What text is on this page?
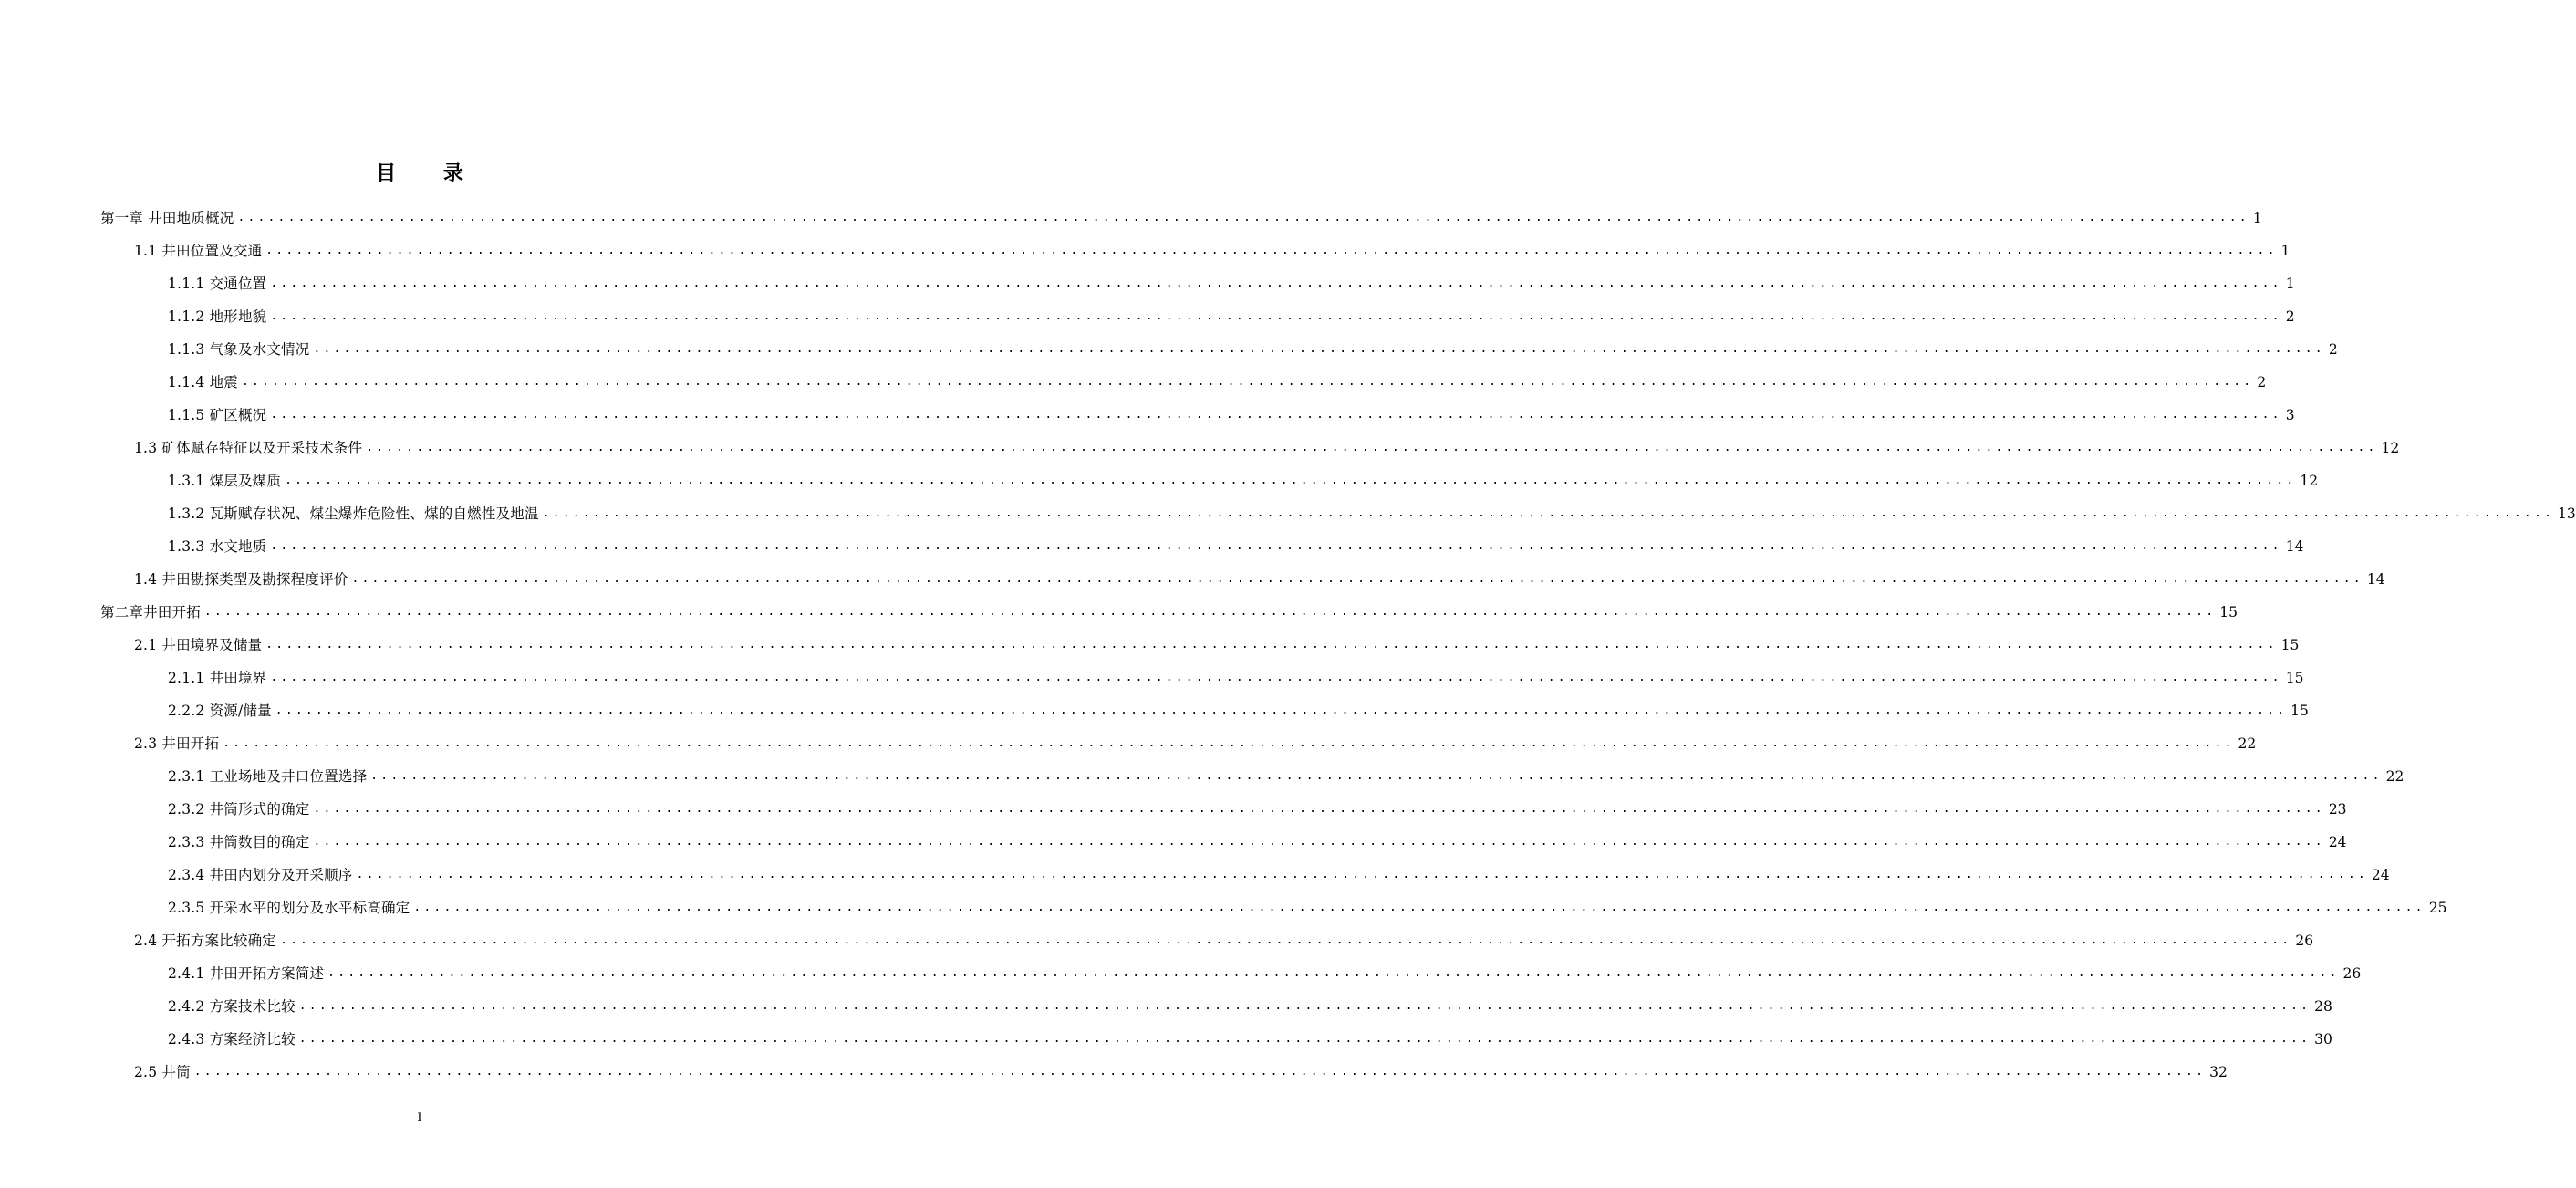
目 录
第一章 井田地质概况 ........................................................................................................................................................................................................ 1
1.1 井田位置及交通 ........................................................................................................................................................................................................ 1
1.1.1 交通位置 ........................................................................................................................................................................................................ 1
1.1.2 地形地貌 ........................................................................................................................................................................................................ 2
1.1.3 气象及水文情况 ........................................................................................................................................................................................................ 2
1.1.4 地震 ........................................................................................................................................................................................................ 2
1.1.5 矿区概况 ........................................................................................................................................................................................................ 3
1.3 矿体赋存特征以及开采技术条件 ........................................................................................................................................................................................................ 12
1.3.1 煤层及煤质 ........................................................................................................................................................................................................ 12
1.3.2 瓦斯赋存状况、煤尘爆炸危险性、煤的自燃性及地温 ........................................................................................................................................................................................................ 13
1.3.3 水文地质 ........................................................................................................................................................................................................ 14
1.4 井田勘探类型及勘探程度评价 ........................................................................................................................................................................................................ 14
第二章井田开拓 ........................................................................................................................................................................................................ 15
2.1 井田境界及储量 ........................................................................................................................................................................................................ 15
2.1.1 井田境界 ........................................................................................................................................................................................................ 15
2.2.2 资源/储量 ........................................................................................................................................................................................................ 15
2.3 井田开拓 ........................................................................................................................................................................................................ 22
2.3.1 工业场地及井口位置选择 ........................................................................................................................................................................................................ 22
2.3.2 井筒形式的确定 ........................................................................................................................................................................................................ 23
2.3.3 井筒数目的确定 ........................................................................................................................................................................................................ 24
2.3.4 井田内划分及开采顺序 ........................................................................................................................................................................................................ 24
2.3.5 开采水平的划分及水平标高确定 ........................................................................................................................................................................................................ 25
2.4 开拓方案比较确定 ........................................................................................................................................................................................................ 26
2.4.1 井田开拓方案简述 ........................................................................................................................................................................................................ 26
2.4.2 方案技术比较 ........................................................................................................................................................................................................ 28
2.4.3 方案经济比较 ........................................................................................................................................................................................................ 30
2.5 井筒 ........................................................................................................................................................................................................ 32
I
